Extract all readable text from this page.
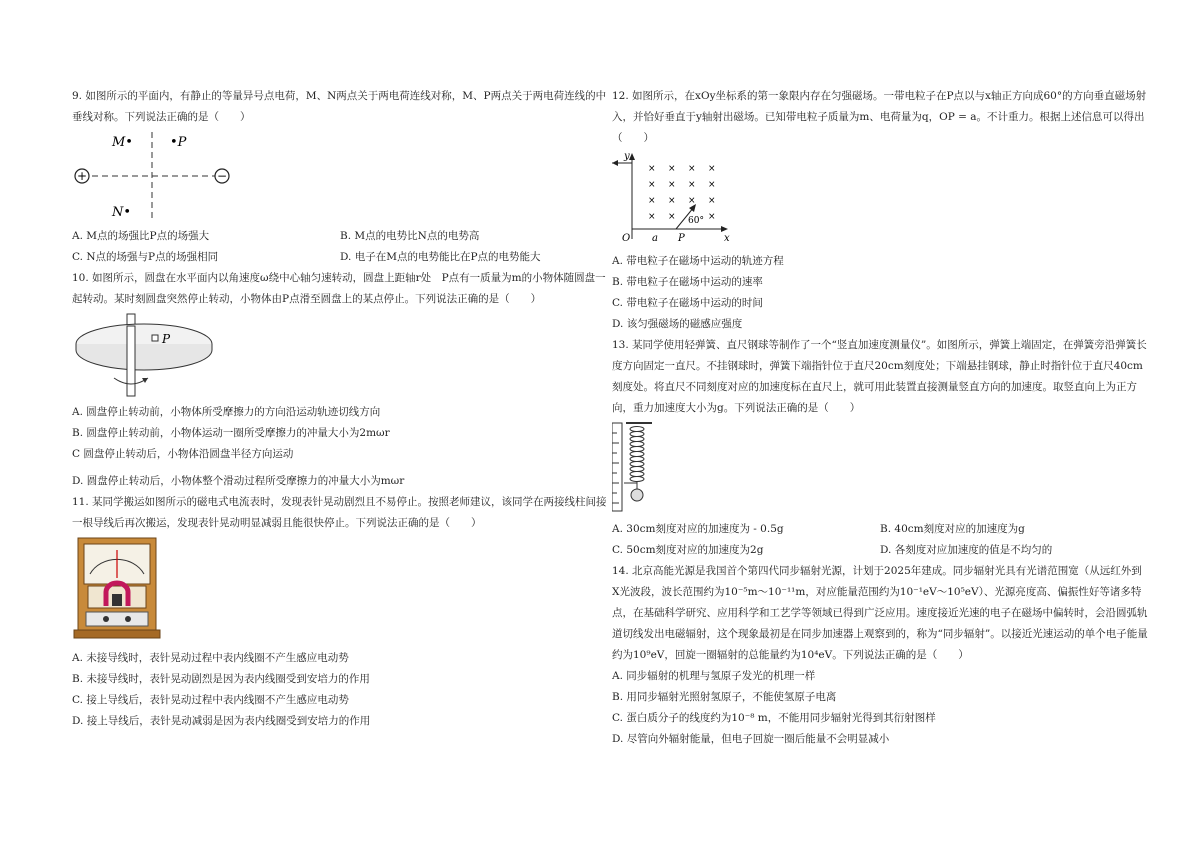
9. 如图所示的平面内，有静止的等量异号点电荷，M、N两点关于两电荷连线对称，M、P两点关于两电荷连线的中垂线对称。下列说法正确的是（　　）

+	−
M•	•P
N•
A. M点的场强比P点的场强大	B. M点的电势比N点的电势高
C. N点的场强与P点的场强相同	D. 电子在M点的电势能比在P点的电势能大

10. 如图所示，圆盘在水平面内以角速度ω绕中心轴匀速转动，圆盘上距轴r处　P点有一质量为m的小物体随圆盘一起转动。某时刻圆盘突然停止转动，小物体由P点滑至圆盘上的某点停止。下列说法正确的是（　　）

P

A. 圆盘停止转动前，小物体所受摩擦力的方向沿运动轨迹切线方向

B. 圆盘停止转动前，小物体运动一圈所受摩擦力的冲量大小为2mωr

C 圆盘停止转动后，小物体沿圆盘半径方向运动

D. 圆盘停止转动后，小物体整个滑动过程所受摩擦力的冲量大小为mωr

11. 某同学搬运如图所示的磁电式电流表时，发现表针晃动剧烈且不易停止。按照老师建议，该同学在两接线柱间接一根导线后再次搬运，发现表针晃动明显减弱且能很快停止。下列说法正确的是（　　）

A. 未接导线时，表针晃动过程中表内线圈不产生感应电动势

B. 未接导线时，表针晃动剧烈是因为表内线圈受到安培力的作用

C. 接上导线后，表针晃动过程中表内线圈不产生感应电动势

D. 接上导线后，表针晃动减弱是因为表内线圈受到安培力的作用

12. 如图所示，在xOy坐标系的第一象限内存在匀强磁场。一带电粒子在P点以与x轴正方向成60°的方向垂直磁场射入，并恰好垂直于y轴射出磁场。已知带电粒子质量为m、电荷量为q，OP = a。不计重力。根据上述信息可以得出（　　）

y
x
O a P
60°
× × × ×
× × × ×
× × × ×
× ×	×

A. 带电粒子在磁场中运动的轨迹方程

B. 带电粒子在磁场中运动的速率

C. 带电粒子在磁场中运动的时间

D. 该匀强磁场的磁感应强度

13. 某同学使用轻弹簧、直尺钢球等制作了一个“竖直加速度测量仪”。如图所示，弹簧上端固定，在弹簧旁沿弹簧长度方向固定一直尺。不挂钢球时，弹簧下端指针位于直尺20cm刻度处；下端悬挂钢球，静止时指针位于直尺40cm刻度处。将直尺不同刻度对应的加速度标在直尺上，就可用此装置直接测量竖直方向的加速度。取竖直向上为正方向，重力加速度大小为g。下列说法正确的是（　　）

A. 30cm刻度对应的加速度为 - 0.5g	B. 40cm刻度对应的加速度为g
C. 50cm刻度对应的加速度为2g	D. 各刻度对应加速度的值是不均匀的

14. 北京高能光源是我国首个第四代同步辐射光源，计划于2025年建成。同步辐射光具有光谱范围宽（从远红外到X光波段，波长范围约为10⁻⁵m～10⁻¹¹m，对应能量范围约为10⁻¹eV～10⁵eV）、光源亮度高、偏振性好等诸多特点，在基础科学研究、应用科学和工艺学等领域已得到广泛应用。速度接近光速的电子在磁场中偏转时，会沿圆弧轨道切线发出电磁辐射，这个现象最初是在同步加速器上观察到的，称为“同步辐射”。以接近光速运动的单个电子能量约为10⁹eV，回旋一圈辐射的总能量约为10⁴eV。下列说法正确的是（　　）

A. 同步辐射的机理与氢原子发光的机理一样

B. 用同步辐射光照射氢原子，不能使氢原子电离

C. 蛋白质分子的线度约为10⁻⁸ m，不能用同步辐射光得到其衍射图样

D. 尽管向外辐射能量，但电子回旋一圈后能量不会明显减小
